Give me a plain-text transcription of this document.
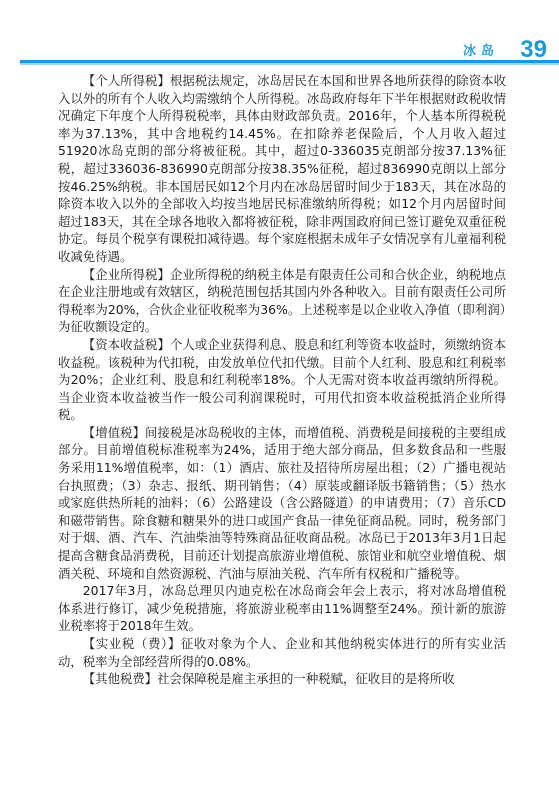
冰岛 39

【个人所得税】根据税法规定，冰岛居民在本国和世界各地所获得的除资本收入以外的所有个人收入均需缴纳个人所得税。冰岛政府每年下半年根据财政税收情况确定下年度个人所得税税率，具体由财政部负责。2016年，个人基本所得税税率为37.13%，其中含地税约14.45%。在扣除养老保险后，个人月收入超过51920冰岛克朗的部分将被征税。其中，超过0-336035克朗部分按37.13%征税，超过336036-836990克朗部分按38.35%征税，超过836990克朗以上部分按46.25%纳税。非本国居民如12个月内在冰岛居留时间少于183天，其在冰岛的除资本收入以外的全部收入均按当地居民标准缴纳所得税；如12个月内居留时间超过183天，其在全球各地收入都将被征税，除非两国政府间已签订避免双重征税协定。每员个税享有课税扣减待遇。每个家庭根据未成年子女情况享有儿童福利税收减免待遇。

【企业所得税】企业所得税的纳税主体是有限责任公司和合伙企业，纳税地点在企业注册地或有效辖区，纳税范围包括其国内外各种收入。目前有限责任公司所得税率为20%，合伙企业征收税率为36%。上述税率是以企业收入净值（即利润）为征收额设定的。

【资本收益税】个人或企业获得利息、股息和红利等资本收益时，须缴纳资本收益税。该税种为代扣税，由发放单位代扣代缴。目前个人红利、股息和红利税率为20%；企业红利、股息和红利税率18%。个人无需对资本收益再缴纳所得税。当企业资本收益被当作一般公司利润课税时，可用代扣资本收益税抵消企业所得税。

【增值税】间接税是冰岛税收的主体，而增值税、消费税是间接税的主要组成部分。目前增值税标准税率为24%，适用于绝大部分商品，但多数食品和一些服务采用11%增值税率，如：（1）酒店、旅社及招待所房屋出租；（2）广播电视站台执照费；（3）杂志、报纸、期刊销售；（4）原装或翻译版书籍销售；（5）热水或家庭供热所耗的油料；（6）公路建设（含公路隧道）的申请费用；（7）音乐CD和磁带销售。除食糖和糖果外的进口或国产食品一律免征商品税。同时，税务部门对于烟、酒、汽车、汽油柴油等特殊商品征收商品税。冰岛已于2013年3月1日起提高含糖食品消费税，目前还计划提高旅游业增值税、旅馆业和航空业增值税、烟酒关税、环境和自然资源税、汽油与原油关税、汽车所有权税和广播税等。

2017年3月，冰岛总理贝内迪克松在冰岛商会年会上表示，将对冰岛增值税体系进行修订，减少免税措施，将旅游业税率由11%调整至24%。预计新的旅游业税率将于2018年生效。

【实业税（费）】征收对象为个人、企业和其他纳税实体进行的所有实业活动，税率为全部经营所得的0.08%。

【其他税费】社会保障税是雇主承担的一种税赋，征收目的是将所收
